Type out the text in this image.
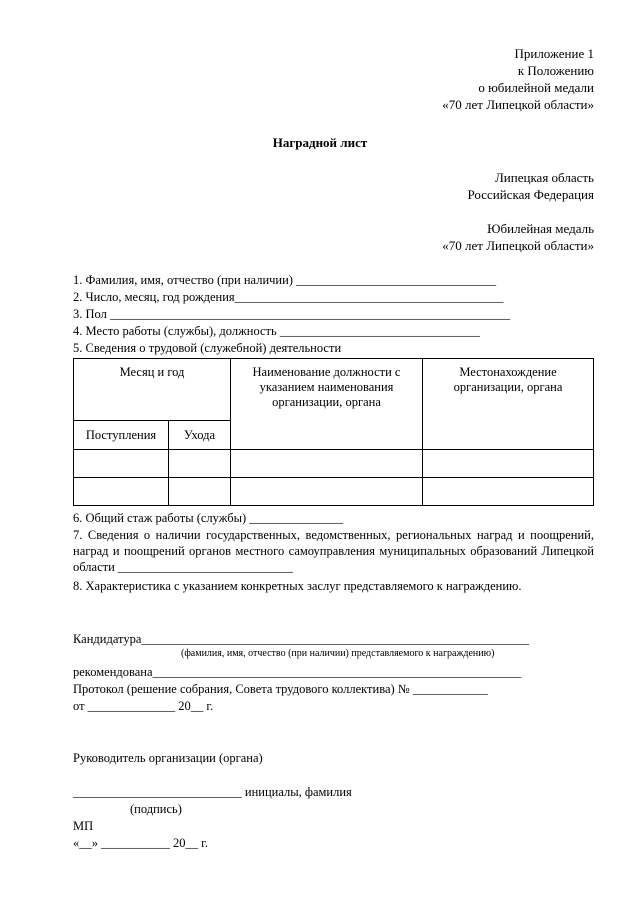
Приложение 1
к Положению
о юбилейной медали
«70 лет Липецкой области»
Наградной лист
Липецкая область
Российская Федерация
Юбилейная медаль
«70 лет Липецкой области»
1. Фамилия, имя, отчество (при наличии) ________________________________
2. Число, месяц, год рождения___________________________________________
3. Пол ________________________________________________________________
4. Место работы (службы), должность ________________________________
5. Сведения о трудовой (служебной) деятельности
Месяц и год		Наименование должности с указанием наименования организации, органа	Местонахождение организации, органа
Поступления	Ухода		

6. Общий стаж работы (службы) _______________
7. Сведения о наличии государственных, ведомственных, региональных наград и поощрений, наград и поощрений органов местного самоуправления муниципальных образований Липецкой области ____________________________
8. Характеристика с указанием конкретных заслуг представляемого к награждению.
Кандидатура______________________________________________________________
(фамилия, имя, отчество (при наличии) представляемого к награждению)
рекомендована___________________________________________________________
Протокол (решение собрания, Совета трудового коллектива) № ____________
от ______________ 20__ г.
Руководитель организации (органа)
___________________________ инициалы, фамилия
(подпись)
МП
«__» ___________ 20__ г.
